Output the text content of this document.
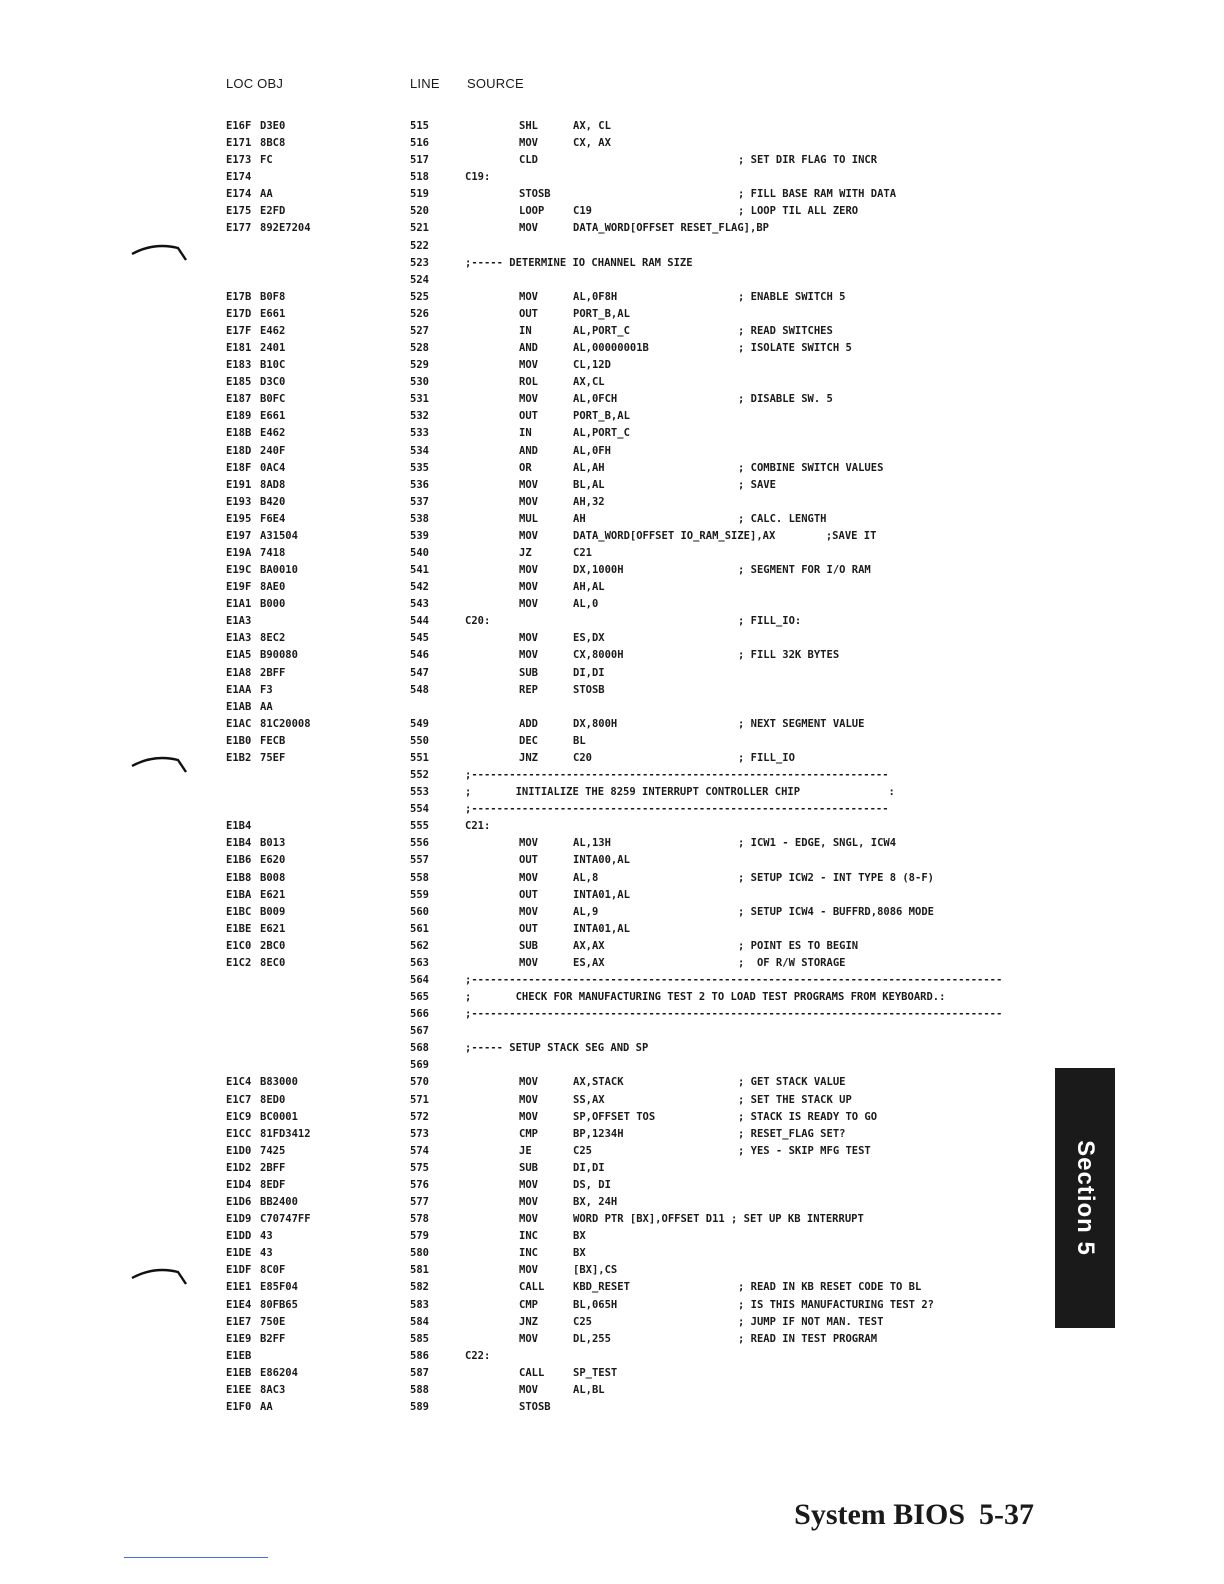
LOC OBJ	LINE SOURCE
E16F D3E0	515	SHL	AX, CL
E171 8BC8	516	MOV	CX, AX
E173 FC	517	CLD	; SET DIR FLAG TO INCR
E174	518	C19:
E174 AA	519	STOSB	; FILL BASE RAM WITH DATA
E175 E2FD	520	LOOP	C19	; LOOP TIL ALL ZERO
E177 892E7204	521	MOV	DATA_WORD[OFFSET RESET_FLAG],BP
522
523	;----- DETERMINE IO CHANNEL RAM SIZE
524
E17B B0F8	525	MOV	AL,0F8H	; ENABLE SWITCH 5
E17D E661	526	OUT	PORT_B,AL
E17F E462	527	IN	AL,PORT_C	; READ SWITCHES
E181 2401	528	AND	AL,00000001B	; ISOLATE SWITCH 5
E183 B10C	529	MOV	CL,12D
E185 D3C0	530	ROL	AX,CL
E187 B0FC	531	MOV	AL,0FCH	; DISABLE SW. 5
E189 E661	532	OUT	PORT_B,AL
E18B E462	533	IN	AL,PORT_C
E18D 240F	534	AND	AL,0FH
E18F 0AC4	535	OR	AL,AH	; COMBINE SWITCH VALUES
E191 8AD8	536	MOV	BL,AL	; SAVE
E193 B420	537	MOV	AH,32
E195 F6E4	538	MUL	AH	; CALC. LENGTH
E197 A31504	539	MOV	DATA_WORD[OFFSET IO_RAM_SIZE],AX        ;SAVE IT
E19A 7418	540	JZ	C21
E19C BA0010	541	MOV	DX,1000H	; SEGMENT FOR I/O RAM
E19F 8AE0	542	MOV	AH,AL
E1A1 B000	543	MOV	AL,0
E1A3	544	C20:	; FILL_IO:
E1A3 8EC2	545	MOV	ES,DX
E1A5 B90080	546	MOV	CX,8000H	; FILL 32K BYTES
E1A8 2BFF	547	SUB	DI,DI
E1AA F3	548	REP	STOSB
E1AB AA
E1AC 81C20008	549	ADD	DX,800H	; NEXT SEGMENT VALUE
E1B0 FECB	550	DEC	BL
E1B2 75EF	551	JNZ	C20	; FILL_IO
552	;------------------------------------------------------------------
553	;       INITIALIZE THE 8259 INTERRUPT CONTROLLER CHIP              :
554	;------------------------------------------------------------------
E1B4	555	C21:
E1B4 B013	556	MOV	AL,13H	; ICW1 - EDGE, SNGL, ICW4
E1B6 E620	557	OUT	INTA00,AL
E1B8 B008	558	MOV	AL,8	; SETUP ICW2 - INT TYPE 8 (8-F)
E1BA E621	559	OUT	INTA01,AL
E1BC B009	560	MOV	AL,9	; SETUP ICW4 - BUFFRD,8086 MODE
E1BE E621	561	OUT	INTA01,AL
E1C0 2BC0	562	SUB	AX,AX	; POINT ES TO BEGIN
E1C2 8EC0	563	MOV	ES,AX	;  OF R/W STORAGE
564	;------------------------------------------------------------------------------------
565	;       CHECK FOR MANUFACTURING TEST 2 TO LOAD TEST PROGRAMS FROM KEYBOARD.:
566	;------------------------------------------------------------------------------------
567
568	;----- SETUP STACK SEG AND SP
569
E1C4 B83000	570	MOV	AX,STACK	; GET STACK VALUE
E1C7 8ED0	571	MOV	SS,AX	; SET THE STACK UP
E1C9 BC0001	572	MOV	SP,OFFSET TOS	; STACK IS READY TO GO
E1CC 81FD3412	573	CMP	BP,1234H	; RESET_FLAG SET?
E1D0 7425	574	JE	C25	; YES - SKIP MFG TEST
E1D2 2BFF	575	SUB	DI,DI
E1D4 8EDF	576	MOV	DS, DI
E1D6 BB2400	577	MOV	BX, 24H
E1D9 C70747FF	578	MOV	WORD PTR [BX],OFFSET D11 ; SET UP KB INTERRUPT
E1DD 43	579	INC	BX
E1DE 43	580	INC	BX
E1DF 8C0F	581	MOV	[BX],CS
E1E1 E85F04	582	CALL	KBD_RESET	; READ IN KB RESET CODE TO BL
E1E4 80FB65	583	CMP	BL,065H	; IS THIS MANUFACTURING TEST 2?
E1E7 750E	584	JNZ	C25	; JUMP IF NOT MAN. TEST
E1E9 B2FF	585	MOV	DL,255	; READ IN TEST PROGRAM
E1EB	586	C22:
E1EB E86204	587	CALL	SP_TEST
E1EE 8AC3	588	MOV	AL,BL
E1F0 AA	589	STOSB
Section 5
System BIOS 5-37
